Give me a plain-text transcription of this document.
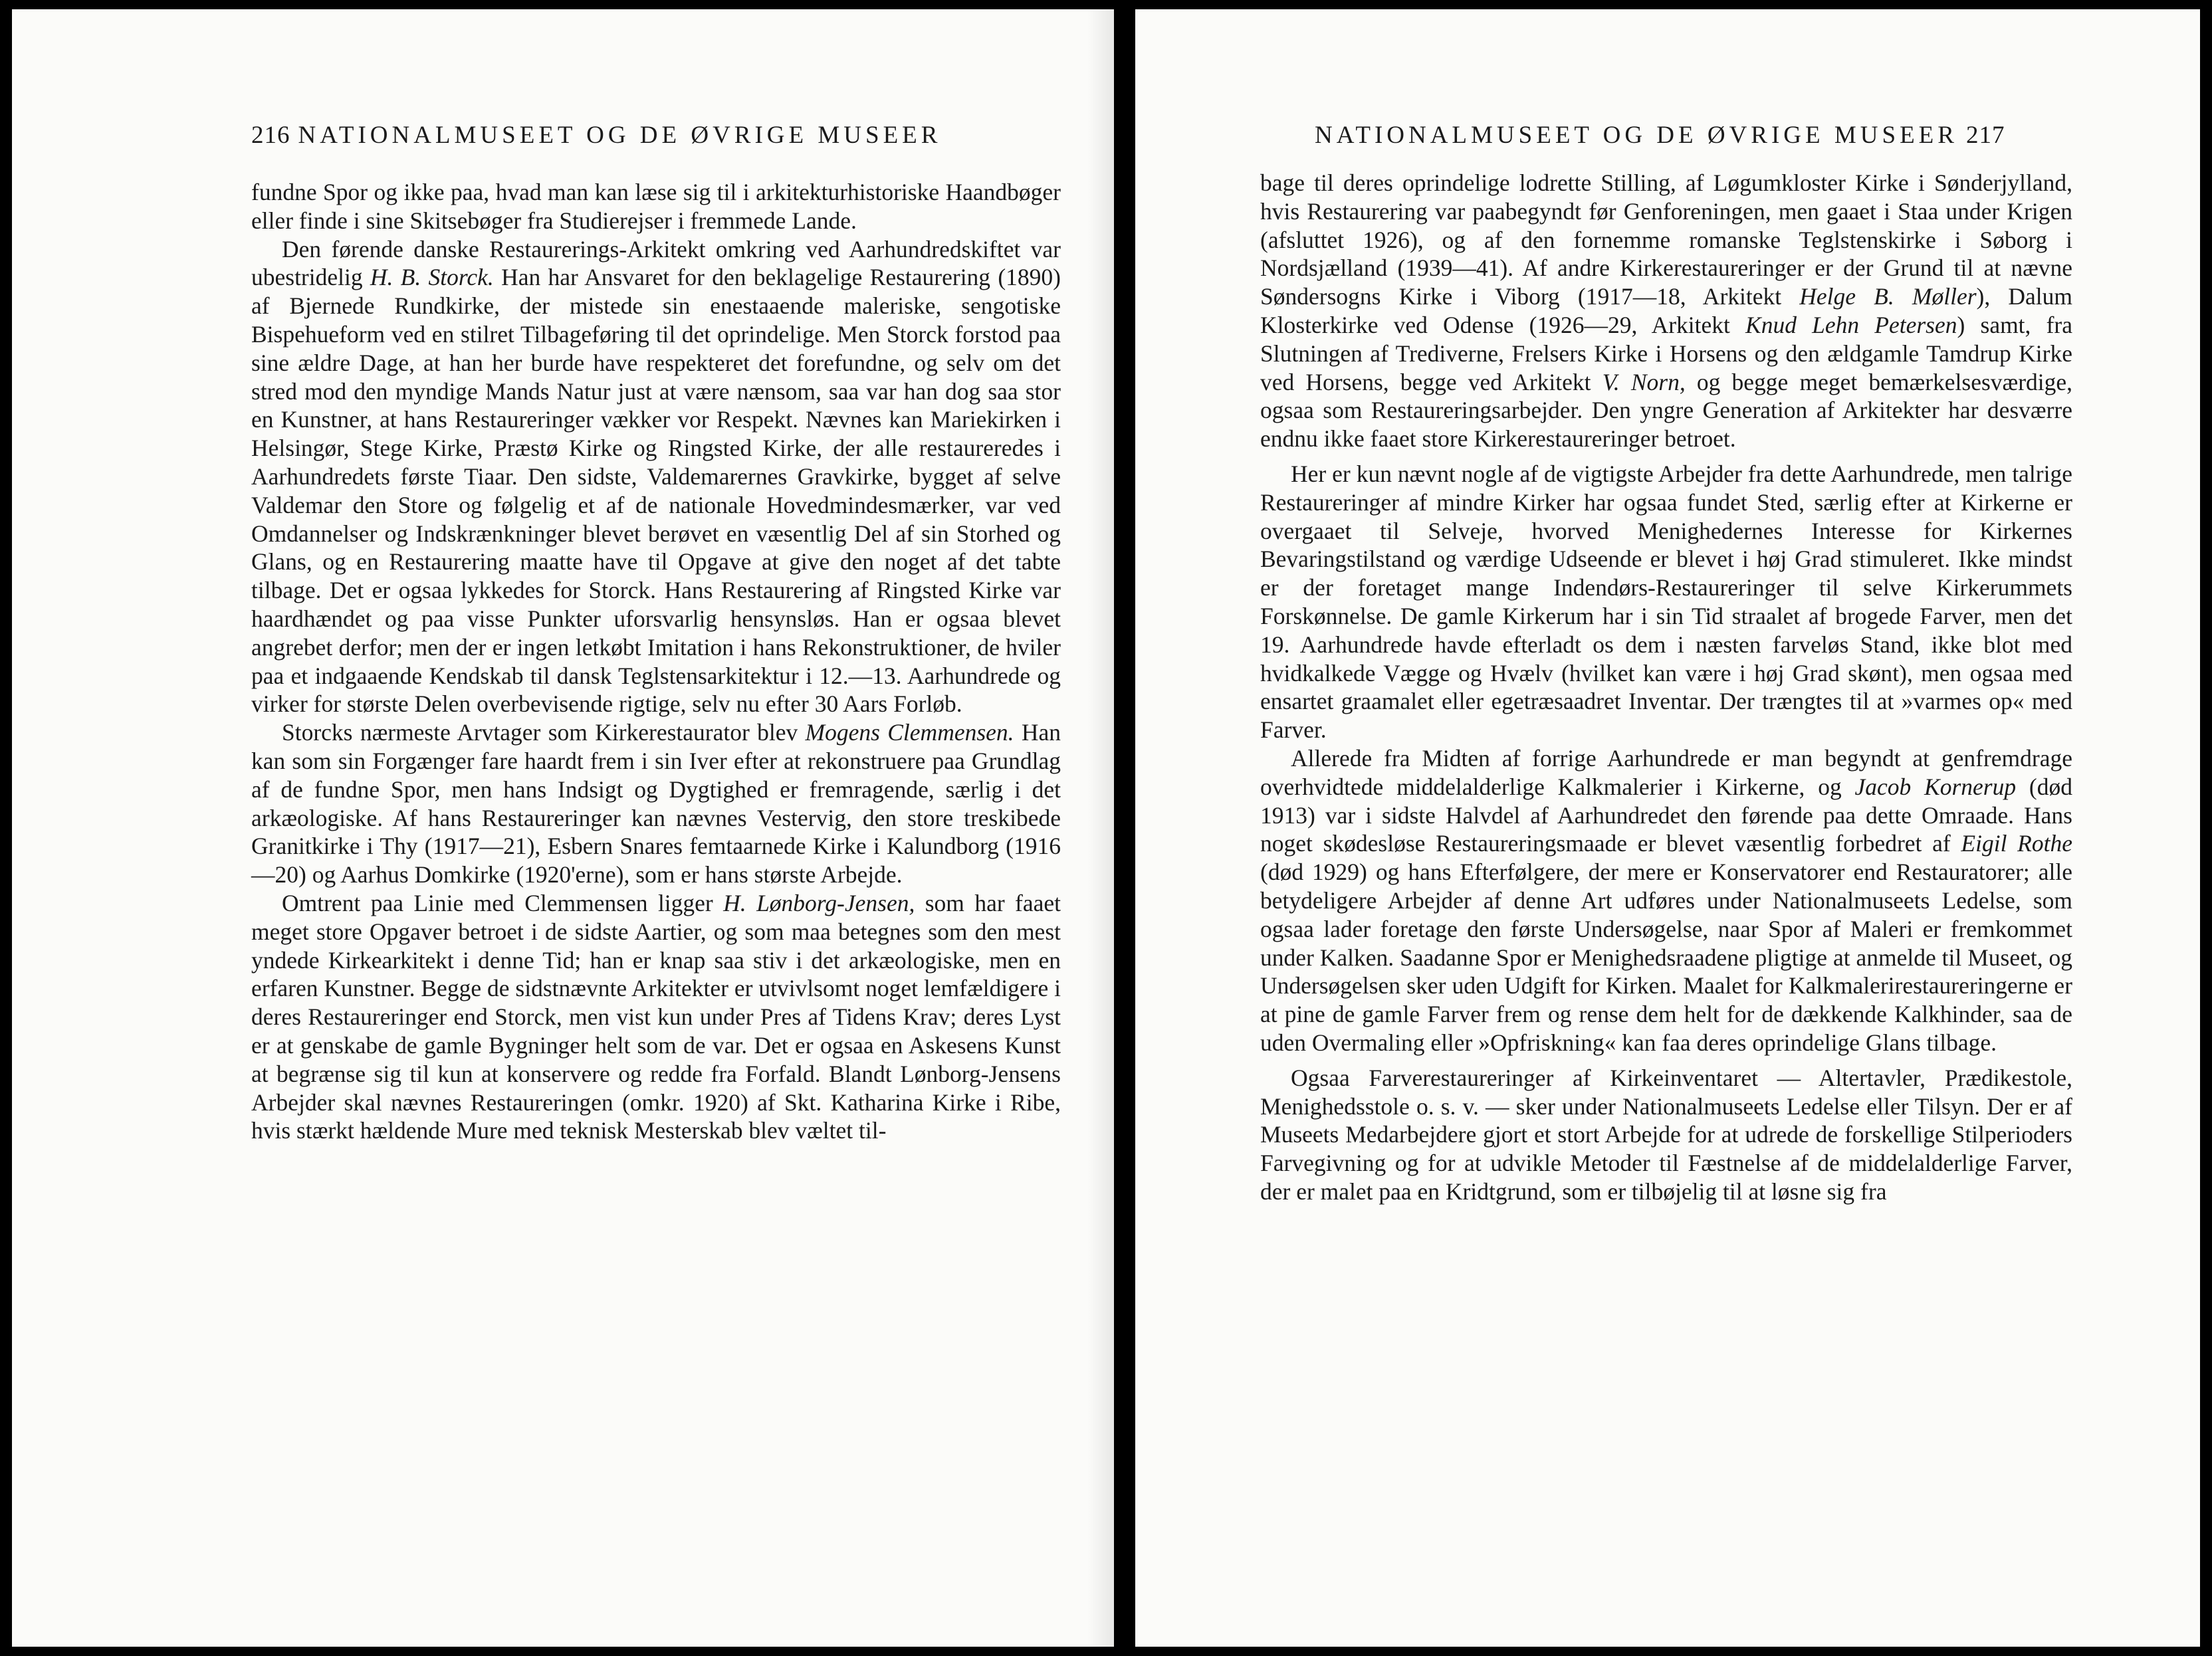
216 NATIONALMUSEET OG DE ØVRIGE MUSEER

fundne Spor og ikke paa, hvad man kan læse sig til i arkitekturhistoriske Haandbøger eller finde i sine Skitsebøger fra Studierejser i fremmede Lande.

Den førende danske Restaurerings-Arkitekt omkring ved Aarhundredskiftet var ubestridelig H. B. Storck. Han har Ansvaret for den beklagelige Restaurering (1890) af Bjernede Rundkirke, der mistede sin enestaaende maleriske, sengotiske Bispehueform ved en stilret Tilbageføring til det oprindelige. Men Storck forstod paa sine ældre Dage, at han her burde have respekteret det forefundne, og selv om det stred mod den myndige Mands Natur just at være nænsom, saa var han dog saa stor en Kunstner, at hans Restaureringer vækker vor Respekt. Nævnes kan Mariekirken i Helsingør, Stege Kirke, Præstø Kirke og Ringsted Kirke, der alle restaureredes i Aarhundredets første Tiaar. Den sidste, Valdemarernes Gravkirke, bygget af selve Valdemar den Store og følgelig et af de nationale Hovedmindesmærker, var ved Omdannelser og Indskrænkninger blevet berøvet en væsentlig Del af sin Storhed og Glans, og en Restaurering maatte have til Opgave at give den noget af det tabte tilbage. Det er ogsaa lykkedes for Storck. Hans Restaurering af Ringsted Kirke var haardhændet og paa visse Punkter uforsvarlig hensynsløs. Han er ogsaa blevet angrebet derfor; men der er ingen letkøbt Imitation i hans Rekonstruktioner, de hviler paa et indgaaende Kendskab til dansk Teglstensarkitektur i 12.—13. Aarhundrede og virker for største Delen overbevisende rigtige, selv nu efter 30 Aars Forløb.

Storcks nærmeste Arvtager som Kirkerestaurator blev Mogens Clemmensen. Han kan som sin Forgænger fare haardt frem i sin Iver efter at rekonstruere paa Grundlag af de fundne Spor, men hans Indsigt og Dygtighed er fremragende, særlig i det arkæologiske. Af hans Restaureringer kan nævnes Vestervig, den store treskibede Granitkirke i Thy (1917—21), Esbern Snares femtaarnede Kirke i Kalundborg (1916—20) og Aarhus Domkirke (1920'erne), som er hans største Arbejde.

Omtrent paa Linie med Clemmensen ligger H. Lønborg-Jensen, som har faaet meget store Opgaver betroet i de sidste Aartier, og som maa betegnes som den mest yndede Kirkearkitekt i denne Tid; han er knap saa stiv i det arkæologiske, men en erfaren Kunstner. Begge de sidstnævnte Arkitekter er utvivlsomt noget lemfældigere i deres Restaureringer end Storck, men vist kun under Pres af Tidens Krav; deres Lyst er at genskabe de gamle Bygninger helt som de var. Det er ogsaa en Askesens Kunst at begrænse sig til kun at konservere og redde fra Forfald. Blandt Lønborg-Jensens Arbejder skal nævnes Restaureringen (omkr. 1920) af Skt. Katharina Kirke i Ribe, hvis stærkt hældende Mure med teknisk Mesterskab blev væltet til-

NATIONALMUSEET OG DE ØVRIGE MUSEER 217

bage til deres oprindelige lodrette Stilling, af Løgumkloster Kirke i Sønderjylland, hvis Restaurering var paabegyndt før Genforeningen, men gaaet i Staa under Krigen (afsluttet 1926), og af den fornemme romanske Teglstenskirke i Søborg i Nordsjælland (1939—41). Af andre Kirkerestaureringer er der Grund til at nævne Søndersogns Kirke i Viborg (1917—18, Arkitekt Helge B. Møller), Dalum Klosterkirke ved Odense (1926—29, Arkitekt Knud Lehn Petersen) samt, fra Slutningen af Trediverne, Frelsers Kirke i Horsens og den ældgamle Tamdrup Kirke ved Horsens, begge ved Arkitekt V. Norn, og begge meget bemærkelsesværdige, ogsaa som Restaureringsarbejder. Den yngre Generation af Arkitekter har desværre endnu ikke faaet store Kirkerestaureringer betroet.

Her er kun nævnt nogle af de vigtigste Arbejder fra dette Aarhundrede, men talrige Restaureringer af mindre Kirker har ogsaa fundet Sted, særlig efter at Kirkerne er overgaaet til Selveje, hvorved Menighedernes Interesse for Kirkernes Bevaringstilstand og værdige Udseende er blevet i høj Grad stimuleret. Ikke mindst er der foretaget mange Indendørs-Restaureringer til selve Kirkerummets Forskønnelse. De gamle Kirkerum har i sin Tid straalet af brogede Farver, men det 19. Aarhundrede havde efterladt os dem i næsten farveløs Stand, ikke blot med hvidkalkede Vægge og Hvælv (hvilket kan være i høj Grad skønt), men ogsaa med ensartet graamalet eller egetræsaadret Inventar. Der trængtes til at »varmes op« med Farver.

Allerede fra Midten af forrige Aarhundrede er man begyndt at genfremdrage overhvidtede middelalderlige Kalkmalerier i Kirkerne, og Jacob Kornerup (død 1913) var i sidste Halvdel af Aarhundredet den førende paa dette Omraade. Hans noget skødesløse Restaureringsmaade er blevet væsentlig forbedret af Eigil Rothe (død 1929) og hans Efterfølgere, der mere er Konservatorer end Restauratorer; alle betydeligere Arbejder af denne Art udføres under Nationalmuseets Ledelse, som ogsaa lader foretage den første Undersøgelse, naar Spor af Maleri er fremkommet under Kalken. Saadanne Spor er Menighedsraadene pligtige at anmelde til Museet, og Undersøgelsen sker uden Udgift for Kirken. Maalet for Kalkmalerirestaureringerne er at pine de gamle Farver frem og rense dem helt for de dækkende Kalkhinder, saa de uden Overmaling eller »Opfriskning« kan faa deres oprindelige Glans tilbage.

Ogsaa Farverestaureringer af Kirkeinventaret — Altertavler, Prædikestole, Menighedsstole o. s. v. — sker under Nationalmuseets Ledelse eller Tilsyn. Der er af Museets Medarbejdere gjort et stort Arbejde for at udrede de forskellige Stilperioders Farvegivning og for at udvikle Metoder til Fæstnelse af de middelalderlige Farver, der er malet paa en Kridtgrund, som er tilbøjelig til at løsne sig fra
